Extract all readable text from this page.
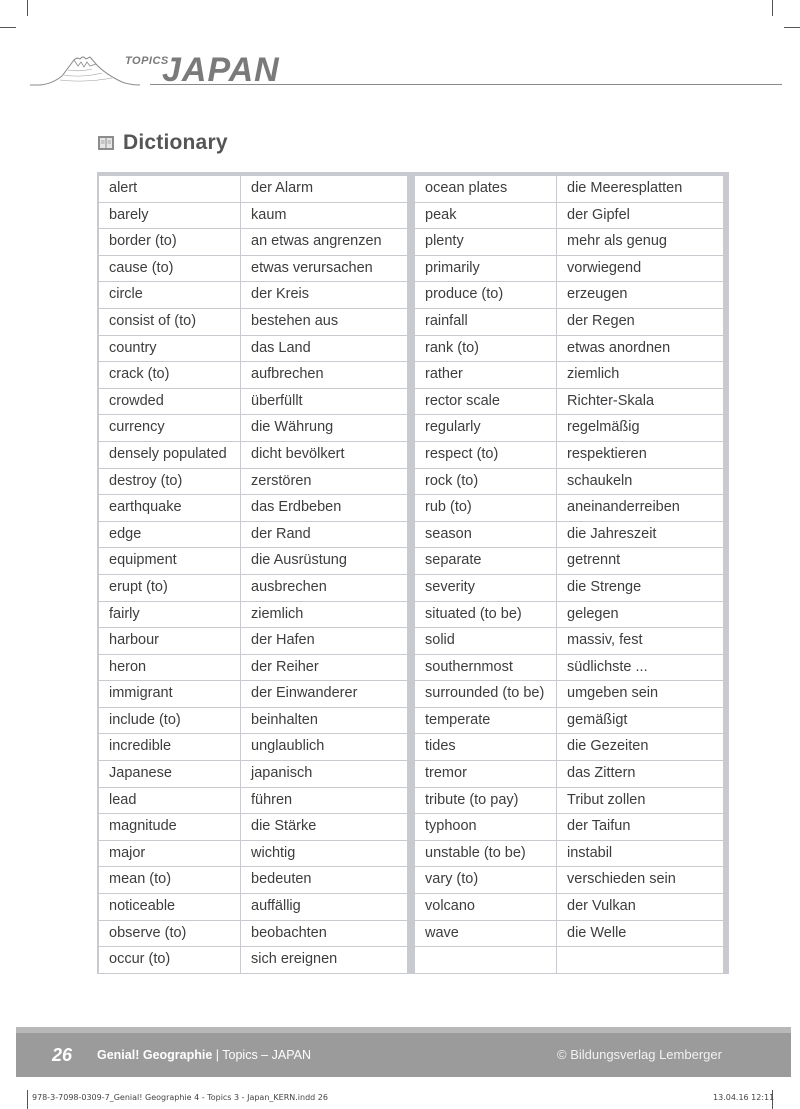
TOPICS
JAPAN
Dictionary
alert	der Alarm
barely	kaum
border (to)	an etwas angrenzen
cause (to)	etwas verursachen
circle	der Kreis
consist of (to)	bestehen aus
country	das Land
crack (to)	aufbrechen
crowded	überfüllt
currency	die Währung
densely populated	dicht bevölkert
destroy (to)	zerstören
earthquake	das Erdbeben
edge	der Rand
equipment	die Ausrüstung
erupt (to)	ausbrechen
fairly	ziemlich
harbour	der Hafen
heron	der Reiher
immigrant	der Einwanderer
include (to)	beinhalten
incredible	unglaublich
Japanese	japanisch
lead	führen
magnitude	die Stärke
major	wichtig
mean (to)	bedeuten
noticeable	auffällig
observe (to)	beobachten
occur (to)	sich ereignen
ocean plates	die Meeresplatten
peak	der Gipfel
plenty	mehr als genug
primarily	vorwiegend
produce (to)	erzeugen
rainfall	der Regen
rank (to)	etwas anordnen
rather	ziemlich
rector scale	Richter-Skala
regularly	regelmäßig
respect (to)	respektieren
rock (to)	schaukeln
rub (to)	aneinanderreiben
season	die Jahreszeit
separate	getrennt
severity	die Strenge
situated (to be)	gelegen
solid	massiv, fest
southernmost	südlichste ...
surrounded (to be)	umgeben sein
temperate	gemäßigt
tides	die Gezeiten
tremor	das Zittern
tribute (to pay)	Tribut zollen
typhoon	der Taifun
unstable (to be)	instabil
vary (to)	verschieden sein
volcano	der Vulkan
wave	die Welle
26 Genial! Geographie | Topics – JAPAN	© Bildungsverlag Lemberger
978-3-7098-0309-7_Genial! Geographie 4 - Topics 3 - Japan_KERN.indd 26	13.04.16 12:11
